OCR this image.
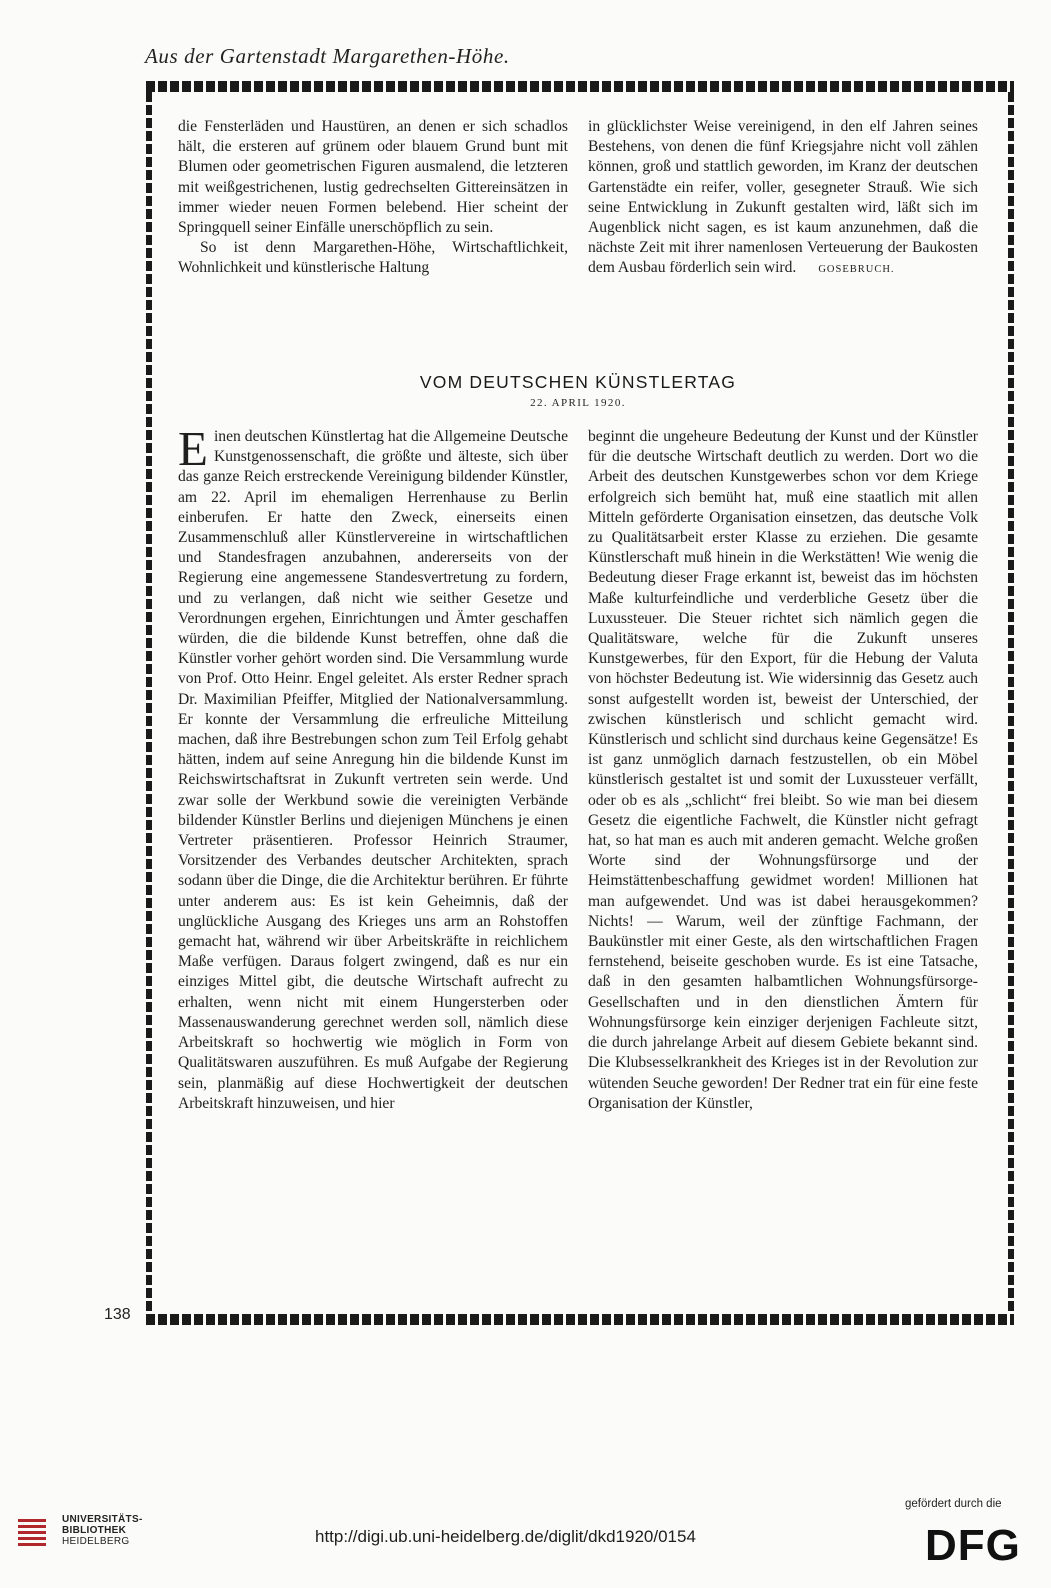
Aus der Gartenstadt Margarethen-Höhe.

die Fensterläden und Haustüren, an denen er sich schadlos hält, die ersteren auf grünem oder blauem Grund bunt mit Blumen oder geometrischen Figuren ausmalend, die letzteren mit weißgestrichenen, lustig gedrechselten Gittereinsätzen in immer wieder neuen Formen belebend. Hier scheint der Springquell seiner Einfälle unerschöpflich zu sein.

So ist denn Margarethen-Höhe, Wirtschaftlichkeit, Wohnlichkeit und künstlerische Haltung

in glücklichster Weise vereinigend, in den elf Jahren seines Bestehens, von denen die fünf Kriegsjahre nicht voll zählen können, groß und stattlich geworden, im Kranz der deutschen Gartenstädte ein reifer, voller, gesegneter Strauß. Wie sich seine Entwicklung in Zukunft gestalten wird, läßt sich im Augenblick nicht sagen, es ist kaum anzunehmen, daß die nächste Zeit mit ihrer namenlosen Verteuerung der Baukosten dem Ausbau förderlich sein wird. GOSEBRUCH.

VOM DEUTSCHEN KÜNSTLERTAG
22. APRIL 1920.

Einen deutschen Künstlertag hat die Allgemeine Deutsche Kunstgenossenschaft, die größte und älteste, sich über das ganze Reich erstreckende Vereinigung bildender Künstler, am 22. April im ehemaligen Herrenhause zu Berlin einberufen. Er hatte den Zweck, einerseits einen Zusammenschluß aller Künstlervereine in wirtschaftlichen und Standesfragen anzubahnen, andererseits von der Regierung eine angemessene Standesvertretung zu fordern, und zu verlangen, daß nicht wie seither Gesetze und Verordnungen ergehen, Einrichtungen und Ämter geschaffen würden, die die bildende Kunst betreffen, ohne daß die Künstler vorher gehört worden sind. Die Versammlung wurde von Prof. Otto Heinr. Engel geleitet. Als erster Redner sprach Dr. Maximilian Pfeiffer, Mitglied der Nationalversammlung. Er konnte der Versammlung die erfreuliche Mitteilung machen, daß ihre Bestrebungen schon zum Teil Erfolg gehabt hätten, indem auf seine Anregung hin die bildende Kunst im Reichswirtschaftsrat in Zukunft vertreten sein werde. Und zwar solle der Werkbund sowie die vereinigten Verbände bildender Künstler Berlins und diejenigen Münchens je einen Vertreter präsentieren. Professor Heinrich Straumer, Vorsitzender des Verbandes deutscher Architekten, sprach sodann über die Dinge, die die Architektur berühren. Er führte unter anderem aus: Es ist kein Geheimnis, daß der unglückliche Ausgang des Krieges uns arm an Rohstoffen gemacht hat, während wir über Arbeitskräfte in reichlichem Maße verfügen. Daraus folgert zwingend, daß es nur ein einziges Mittel gibt, die deutsche Wirtschaft aufrecht zu erhalten, wenn nicht mit einem Hungersterben oder Massenauswanderung gerechnet werden soll, nämlich diese Arbeitskraft so hochwertig wie möglich in Form von Qualitätswaren auszuführen. Es muß Aufgabe der Regierung sein, planmäßig auf diese Hochwertigkeit der deutschen Arbeitskraft hinzuweisen, und hier

beginnt die ungeheure Bedeutung der Kunst und der Künstler für die deutsche Wirtschaft deutlich zu werden. Dort wo die Arbeit des deutschen Kunstgewerbes schon vor dem Kriege erfolgreich sich bemüht hat, muß eine staatlich mit allen Mitteln geförderte Organisation einsetzen, das deutsche Volk zu Qualitätsarbeit erster Klasse zu erziehen. Die gesamte Künstlerschaft muß hinein in die Werkstätten! Wie wenig die Bedeutung dieser Frage erkannt ist, beweist das im höchsten Maße kulturfeindliche und verderbliche Gesetz über die Luxussteuer. Die Steuer richtet sich nämlich gegen die Qualitätsware, welche für die Zukunft unseres Kunstgewerbes, für den Export, für die Hebung der Valuta von höchster Bedeutung ist. Wie widersinnig das Gesetz auch sonst aufgestellt worden ist, beweist der Unterschied, der zwischen künstlerisch und schlicht gemacht wird. Künstlerisch und schlicht sind durchaus keine Gegensätze! Es ist ganz unmöglich darnach festzustellen, ob ein Möbel künstlerisch gestaltet ist und somit der Luxussteuer verfällt, oder ob es als „schlicht“ frei bleibt. So wie man bei diesem Gesetz die eigentliche Fachwelt, die Künstler nicht gefragt hat, so hat man es auch mit anderen gemacht. Welche großen Worte sind der Wohnungsfürsorge und der Heimstättenbeschaffung gewidmet worden! Millionen hat man aufgewendet. Und was ist dabei herausgekommen? Nichts! — Warum, weil der zünftige Fachmann, der Baukünstler mit einer Geste, als den wirtschaftlichen Fragen fernstehend, beiseite geschoben wurde. Es ist eine Tatsache, daß in den gesamten halbamtlichen Wohnungsfürsorge-Gesellschaften und in den dienstlichen Ämtern für Wohnungsfürsorge kein einziger derjenigen Fachleute sitzt, die durch jahrelange Arbeit auf diesem Gebiete bekannt sind. Die Klubsesselkrankheit des Krieges ist in der Revolution zur wütenden Seuche geworden! Der Redner trat ein für eine feste Organisation der Künstler,

138
UNIVERSITÄTS-
BIBLIOTHEK
HEIDELBERG	http://digi.ub.uni-heidelberg.de/diglit/dkd1920/0154
gefördert durch die
DFG
